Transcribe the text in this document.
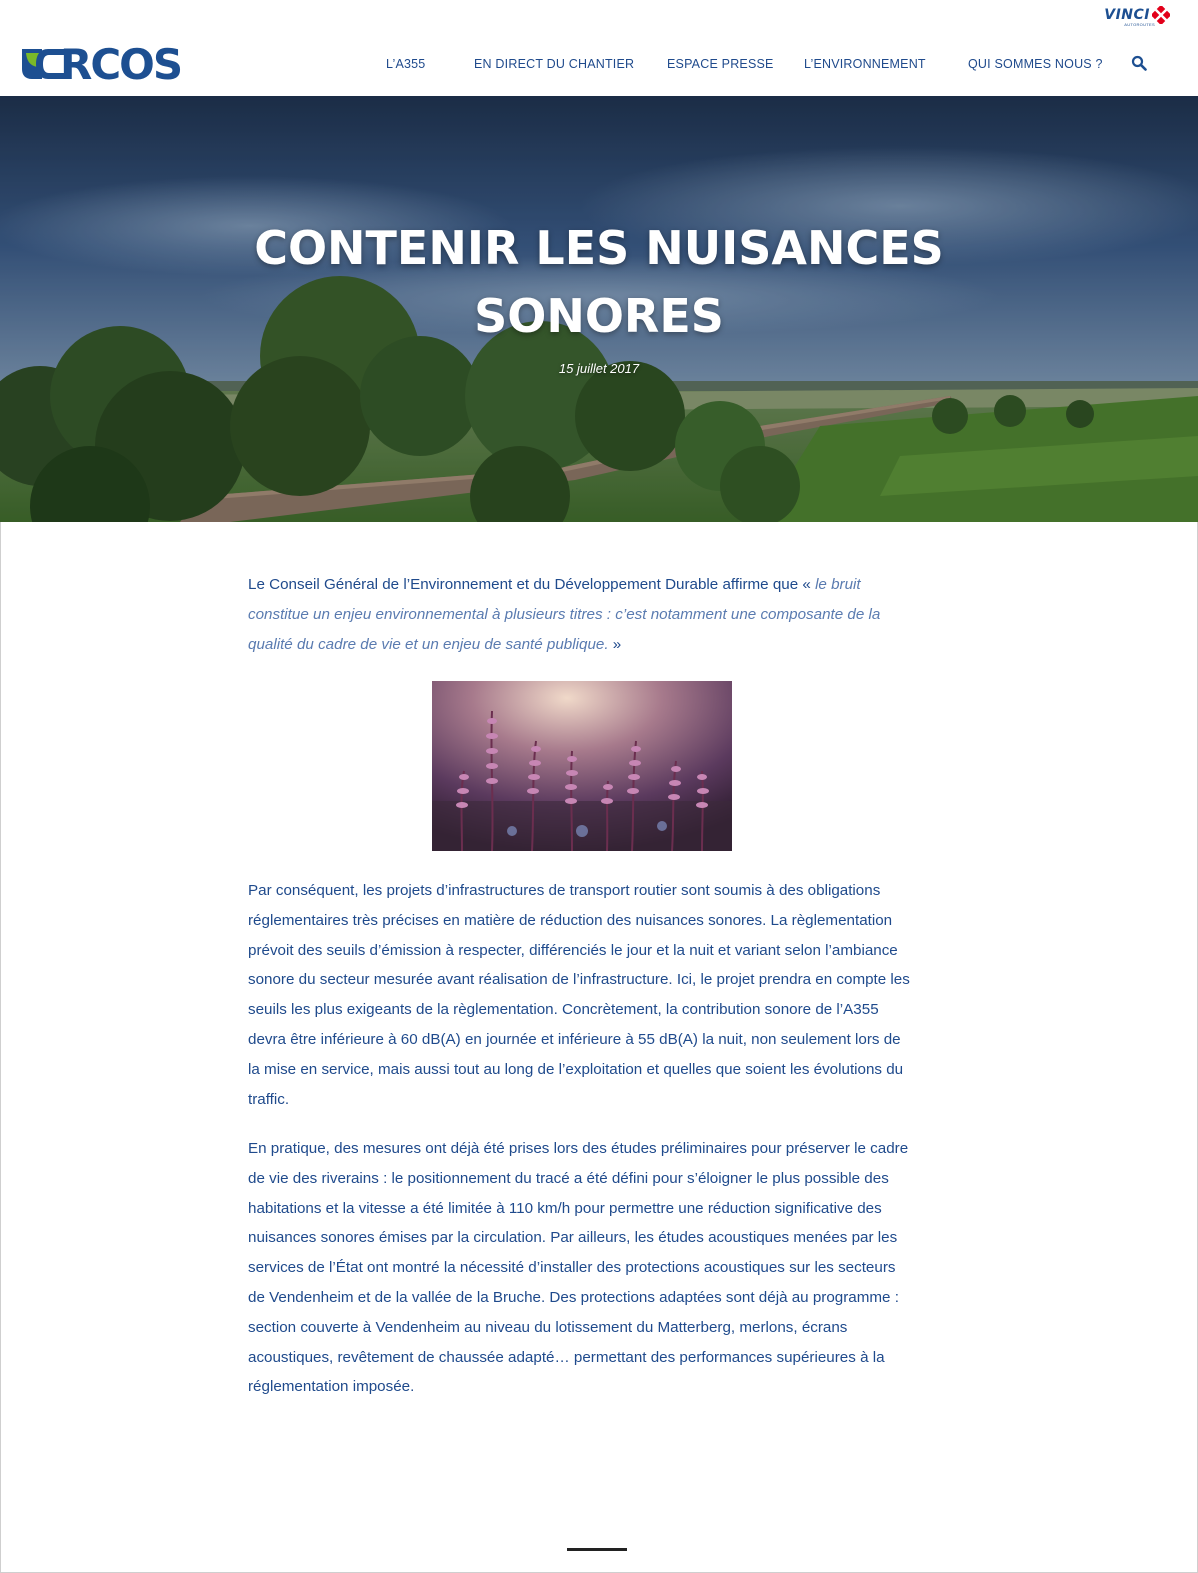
RCOS
VINCI
AUTOROUTES
L’A355	EN DIRECT DU CHANTIER	ESPACE PRESSE L’ENVIRONNEMENT	QUI SOMMES NOUS ?
CONTENIR LES NUISANCES SONORES
15 juillet 2017

Le Conseil Général de l’Environnement et du Développement Durable affirme que « le bruit constitue un enjeu environnemental à plusieurs titres : c’est notamment une composante de la qualité du cadre de vie et un enjeu de santé publique. »

Par conséquent, les projets d’infrastructures de transport routier sont soumis à des obligations réglementaires très précises en matière de réduction des nuisances sonores. La règlementation prévoit des seuils d’émission à respecter, différenciés le jour et la nuit et variant selon l’ambiance sonore du secteur mesurée avant réalisation de l’infrastructure. Ici, le projet prendra en compte les seuils les plus exigeants de la règlementation. Concrètement, la contribution sonore de l’A355 devra être inférieure à 60 dB(A) en journée et inférieure à 55 dB(A) la nuit, non seulement lors de la mise en service, mais aussi tout au long de l’exploitation et quelles que soient les évolutions du traffic.

En pratique, des mesures ont déjà été prises lors des études préliminaires pour préserver le cadre de vie des riverains : le positionnement du tracé a été défini pour s’éloigner le plus possible des habitations et la vitesse a été limitée à 110 km/h pour permettre une réduction significative des nuisances sonores émises par la circulation. Par ailleurs, les études acoustiques menées par les services de l’État ont montré la nécessité d’installer des protections acoustiques sur les secteurs de Vendenheim et de la vallée de la Bruche. Des protections adaptées sont déjà au programme : section couverte à Vendenheim au niveau du lotissement du Matterberg, merlons, écrans acoustiques, revêtement de chaussée adapté… permettant des performances supérieures à la réglementation imposée.
